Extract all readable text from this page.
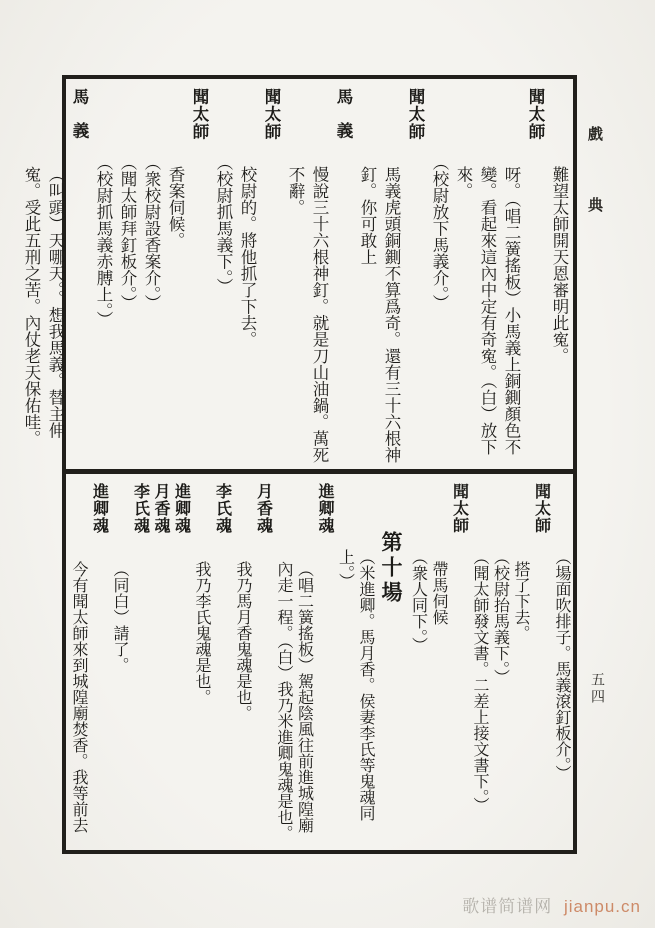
難望太師開天恩審明此寃。
聞太師
呀。（唱二簧搖板）小馬義上銅鍘顏色不變。看起來這內中定有奇寃。（白）放下來。
（校尉放下馬義介。）
聞太師
馬義虎頭銅鍘不算爲奇。還有三十六根神釘。你可敢上
馬義
慢說三十六根神釘。就是刀山油鍋。萬死不辭。
聞太師
校尉的。將他抓了下去。
（校尉抓馬義下。）
聞太師
香案伺候。
（衆校尉設香案介。）
（聞太師拜釘板介。）
（校尉抓馬義赤膊上。）
馬義
（叫頭）天哪天。。想我馬義。替主伸寃。受此五刑之苦。內仗老天保佑哇。
（場面吹排子。馬義滾釘板介。）
聞太師
搭了下去。
（校尉抬馬義下。）
（聞太師發文書。二差上接文書下。）
聞太師
帶馬伺候
（衆人同下。）
第十場
（米進卿。馬月香。侯妻李氏等鬼魂同上。）
進卿魂
（唱二簧搖板）駕起陰風往前進城隍廟內走一程。（白）我乃米進卿鬼魂是也。
月香魂
我乃馬月香鬼魂是也。
李氏魂
我乃李氏鬼魂是也。
進卿魂
月香魂
李氏魂
（同白）請了。
進卿魂
今有聞太師來到城隍廟焚香。我等前去
戲典
五四
歌谱简谱网 jianpu.cn
